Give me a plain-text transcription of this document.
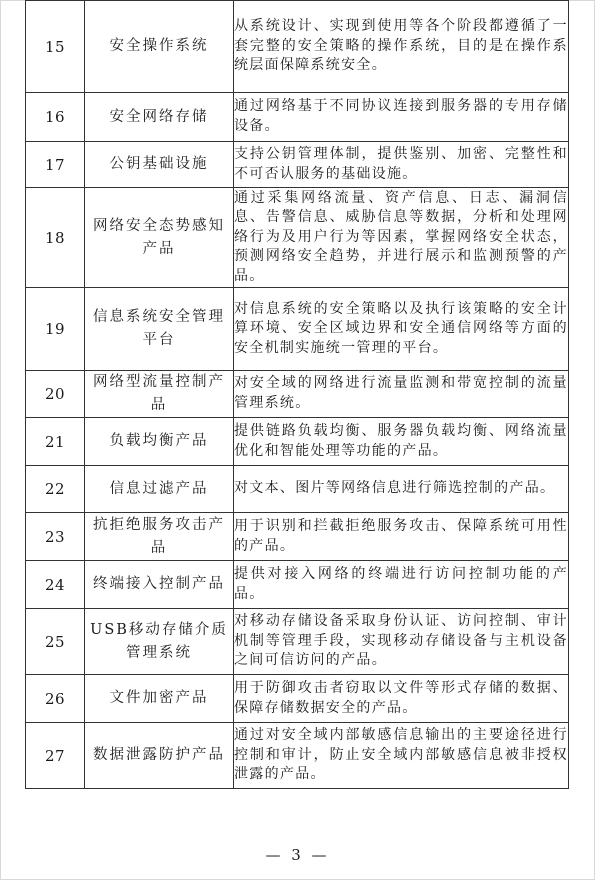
15	安全操作系统	从系统设计、实现到使用等各个阶段都遵循了一套完整的安全策略的操作系统，目的是在操作系统层面保障系统安全。
16	安全网络存储	通过网络基于不同协议连接到服务器的专用存储设备。
17	公钥基础设施	支持公钥管理体制，提供鉴别、加密、完整性和不可否认服务的基础设施。
18	网络安全态势感知产品	通过采集网络流量、资产信息、日志、漏洞信息、告警信息、威胁信息等数据，分析和处理网络行为及用户行为等因素，掌握网络安全状态，预测网络安全趋势，并进行展示和监测预警的产品。
19	信息系统安全管理平台	对信息系统的安全策略以及执行该策略的安全计算环境、安全区域边界和安全通信网络等方面的安全机制实施统一管理的平台。
20	网络型流量控制产品	对安全域的网络进行流量监测和带宽控制的流量管理系统。
21	负载均衡产品	提供链路负载均衡、服务器负载均衡、网络流量优化和智能处理等功能的产品。
22	信息过滤产品	对文本、图片等网络信息进行筛选控制的产品。
23	抗拒绝服务攻击产品	用于识别和拦截拒绝服务攻击、保障系统可用性的产品。
24	终端接入控制产品	提供对接入网络的终端进行访问控制功能的产品。
25	USB移动存储介质管理系统	对移动存储设备采取身份认证、访问控制、审计机制等管理手段，实现移动存储设备与主机设备之间可信访问的产品。
26	文件加密产品	用于防御攻击者窃取以文件等形式存储的数据、保障存储数据安全的产品。
27	数据泄露防护产品	通过对安全域内部敏感信息输出的主要途径进行控制和审计，防止安全域内部敏感信息被非授权泄露的产品。
— 3 —
